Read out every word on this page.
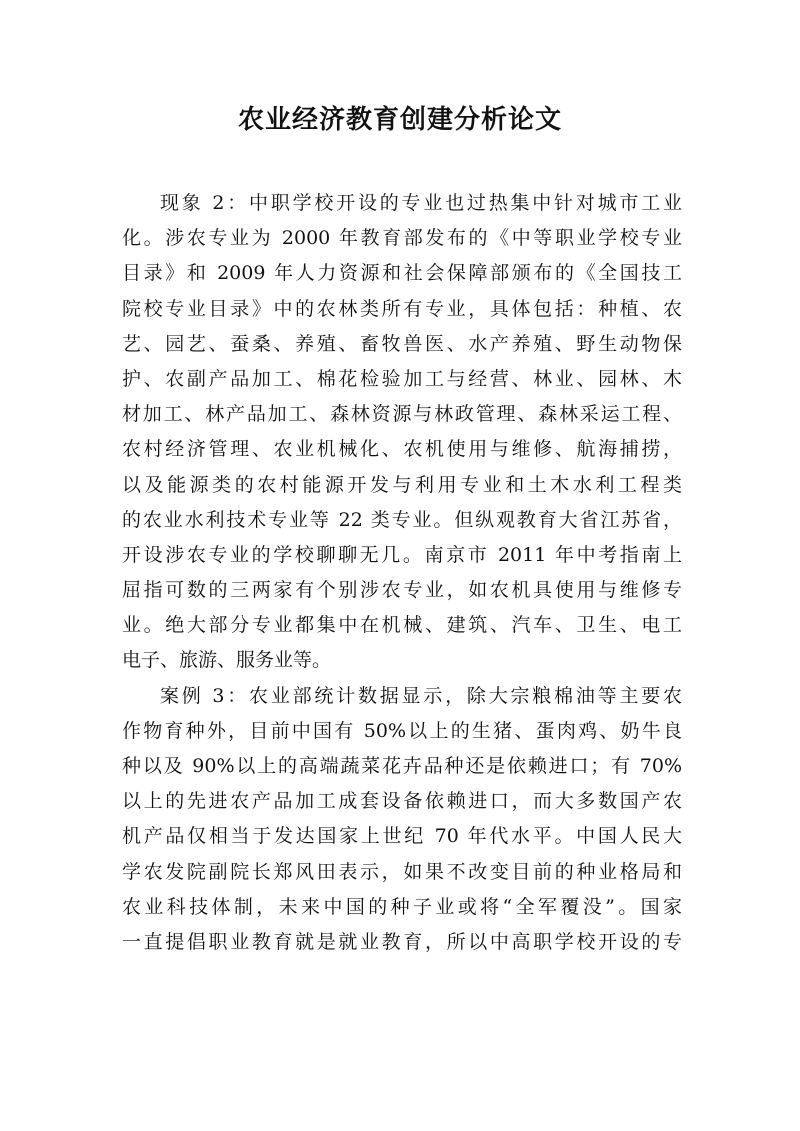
农业经济教育创建分析论文
现象 2：中职学校开设的专业也过热集中针对城市工业
化。涉农专业为 2000 年教育部发布的《中等职业学校专业
目录》和 2009 年人力资源和社会保障部颁布的《全国技工
院校专业目录》中的农林类所有专业，具体包括：种植、农
艺、园艺、蚕桑、养殖、畜牧兽医、水产养殖、野生动物保
护、农副产品加工、棉花检验加工与经营、林业、园林、木
材加工、林产品加工、森林资源与林政管理、森林采运工程、
农村经济管理、农业机械化、农机使用与维修、航海捕捞，
以及能源类的农村能源开发与利用专业和土木水利工程类
的农业水利技术专业等 22 类专业。但纵观教育大省江苏省，
开设涉农专业的学校聊聊无几。南京市 2011 年中考指南上
屈指可数的三两家有个别涉农专业，如农机具使用与维修专
业。绝大部分专业都集中在机械、建筑、汽车、卫生、电工
电子、旅游、服务业等。
案例 3：农业部统计数据显示，除大宗粮棉油等主要农
作物育种外，目前中国有 50%以上的生猪、蛋肉鸡、奶牛良
种以及 90%以上的高端蔬菜花卉品种还是依赖进口；有 70%
以上的先进农产品加工成套设备依赖进口，而大多数国产农
机产品仅相当于发达国家上世纪 70 年代水平。中国人民大
学农发院副院长郑风田表示，如果不改变目前的种业格局和
农业科技体制，未来中国的种子业或将“全军覆没”。国家
一直提倡职业教育就是就业教育，所以中高职学校开设的专
